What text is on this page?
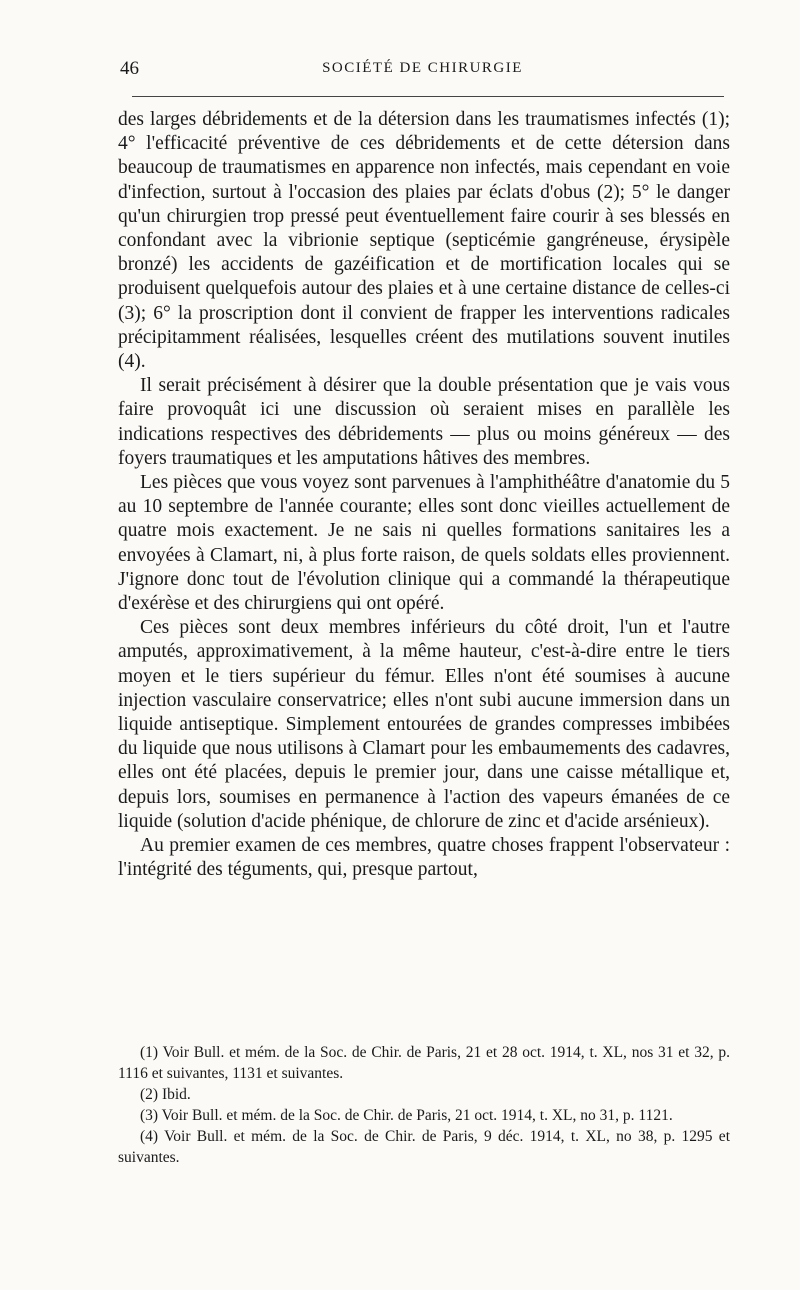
46	SOCIÉTÉ DE CHIRURGIE

des larges débridements et de la détersion dans les traumatismes infectés (1); 4° l'efficacité préventive de ces débridements et de cette détersion dans beaucoup de traumatismes en apparence non infectés, mais cependant en voie d'infection, surtout à l'occasion des plaies par éclats d'obus (2); 5° le danger qu'un chirurgien trop pressé peut éventuellement faire courir à ses blessés en confondant avec la vibrionie septique (septicémie gangréneuse, érysipèle bronzé) les accidents de gazéification et de mortification locales qui se produisent quelquefois autour des plaies et à une certaine distance de celles-ci (3); 6° la proscription dont il convient de frapper les interventions radicales précipitamment réalisées, lesquelles créent des mutilations souvent inutiles (4).

Il serait précisément à désirer que la double présentation que je vais vous faire provoquât ici une discussion où seraient mises en parallèle les indications respectives des débridements — plus ou moins généreux — des foyers traumatiques et les amputations hâtives des membres.

Les pièces que vous voyez sont parvenues à l'amphithéâtre d'anatomie du 5 au 10 septembre de l'année courante; elles sont donc vieilles actuellement de quatre mois exactement. Je ne sais ni quelles formations sanitaires les a envoyées à Clamart, ni, à plus forte raison, de quels soldats elles proviennent. J'ignore donc tout de l'évolution clinique qui a commandé la thérapeutique d'exérèse et des chirurgiens qui ont opéré.

Ces pièces sont deux membres inférieurs du côté droit, l'un et l'autre amputés, approximativement, à la même hauteur, c'est-à-dire entre le tiers moyen et le tiers supérieur du fémur. Elles n'ont été soumises à aucune injection vasculaire conservatrice; elles n'ont subi aucune immersion dans un liquide antiseptique. Simplement entourées de grandes compresses imbibées du liquide que nous utilisons à Clamart pour les embaumements des cadavres, elles ont été placées, depuis le premier jour, dans une caisse métallique et, depuis lors, soumises en permanence à l'action des vapeurs émanées de ce liquide (solution d'acide phénique, de chlorure de zinc et d'acide arsénieux).

Au premier examen de ces membres, quatre choses frappent l'observateur : l'intégrité des téguments, qui, presque partout,

(1) Voir Bull. et mém. de la Soc. de Chir. de Paris, 21 et 28 oct. 1914, t. XL, nos 31 et 32, p. 1116 et suivantes, 1131 et suivantes.

(2) Ibid.

(3) Voir Bull. et mém. de la Soc. de Chir. de Paris, 21 oct. 1914, t. XL, no 31, p. 1121.

(4) Voir Bull. et mém. de la Soc. de Chir. de Paris, 9 déc. 1914, t. XL, no 38, p. 1295 et suivantes.
